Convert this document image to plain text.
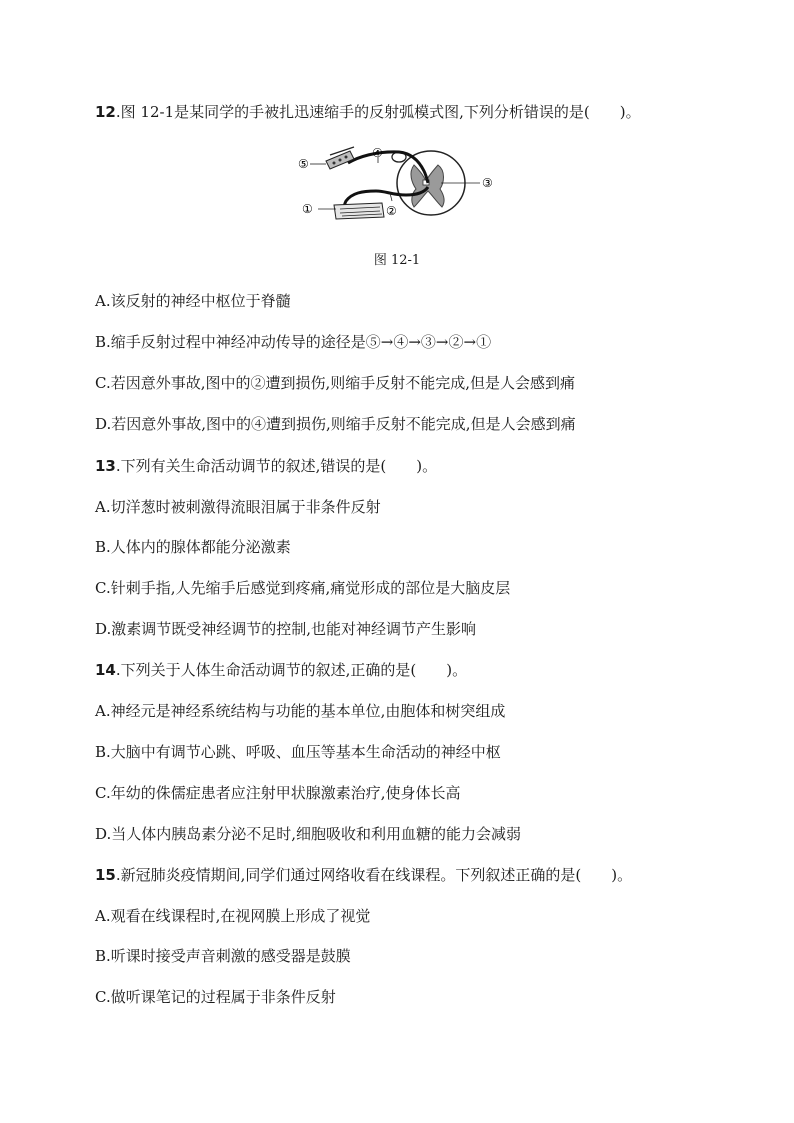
12.图 12-1是某同学的手被扎迅速缩手的反射弧模式图,下列分析错误的是(　　)。
⑤
④
③
②
①
图 12-1
A.该反射的神经中枢位于脊髓
B.缩手反射过程中神经冲动传导的途径是⑤→④→③→②→①
C.若因意外事故,图中的②遭到损伤,则缩手反射不能完成,但是人会感到痛
D.若因意外事故,图中的④遭到损伤,则缩手反射不能完成,但是人会感到痛
13.下列有关生命活动调节的叙述,错误的是(　　)。
A.切洋葱时被刺激得流眼泪属于非条件反射
B.人体内的腺体都能分泌激素
C.针刺手指,人先缩手后感觉到疼痛,痛觉形成的部位是大脑皮层
D.激素调节既受神经调节的控制,也能对神经调节产生影响
14.下列关于人体生命活动调节的叙述,正确的是(　　)。
A.神经元是神经系统结构与功能的基本单位,由胞体和树突组成
B.大脑中有调节心跳、呼吸、血压等基本生命活动的神经中枢
C.年幼的侏儒症患者应注射甲状腺激素治疗,使身体长高
D.当人体内胰岛素分泌不足时,细胞吸收和利用血糖的能力会减弱
15.新冠肺炎疫情期间,同学们通过网络收看在线课程。下列叙述正确的是(　　)。
A.观看在线课程时,在视网膜上形成了视觉
B.听课时接受声音刺激的感受器是鼓膜
C.做听课笔记的过程属于非条件反射
